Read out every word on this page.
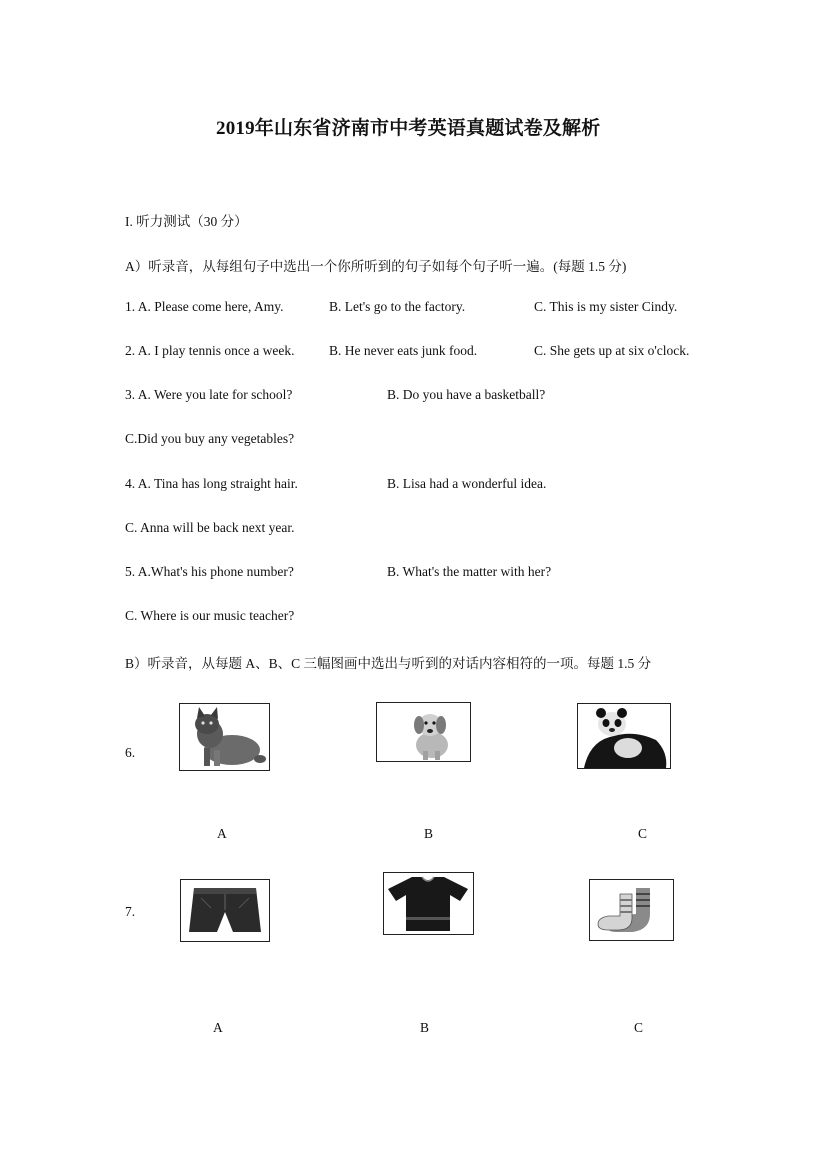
2019年山东省济南市中考英语真题试卷及解析
I. 听力测试（30 分）
A）听录音，从每组句子中选出一个你所听到的句子如每个句子听一遍。(每题 1.5 分)
1. A. Please come here, Amy.	B. Let's go to the factory.	C. This is my sister Cindy.
2. A. I play tennis once a week.	B. He never eats junk food.	C. She gets up at six o'clock.
3. A. Were you late for school?	B. Do you have a basketball?
C.Did you buy any vegetables?
4. A. Tina has long straight hair.	B. Lisa had a wonderful idea.
C. Anna will be back next year.
5. A.What's his phone number?	B. What's the matter with her?
C. Where is our music teacher?
B）听录音，从每题 A、B、C 三幅图画中选出与听到的对话内容相符的一项。每题 1.5 分
6.
A	B	C
7.
A	B	C
